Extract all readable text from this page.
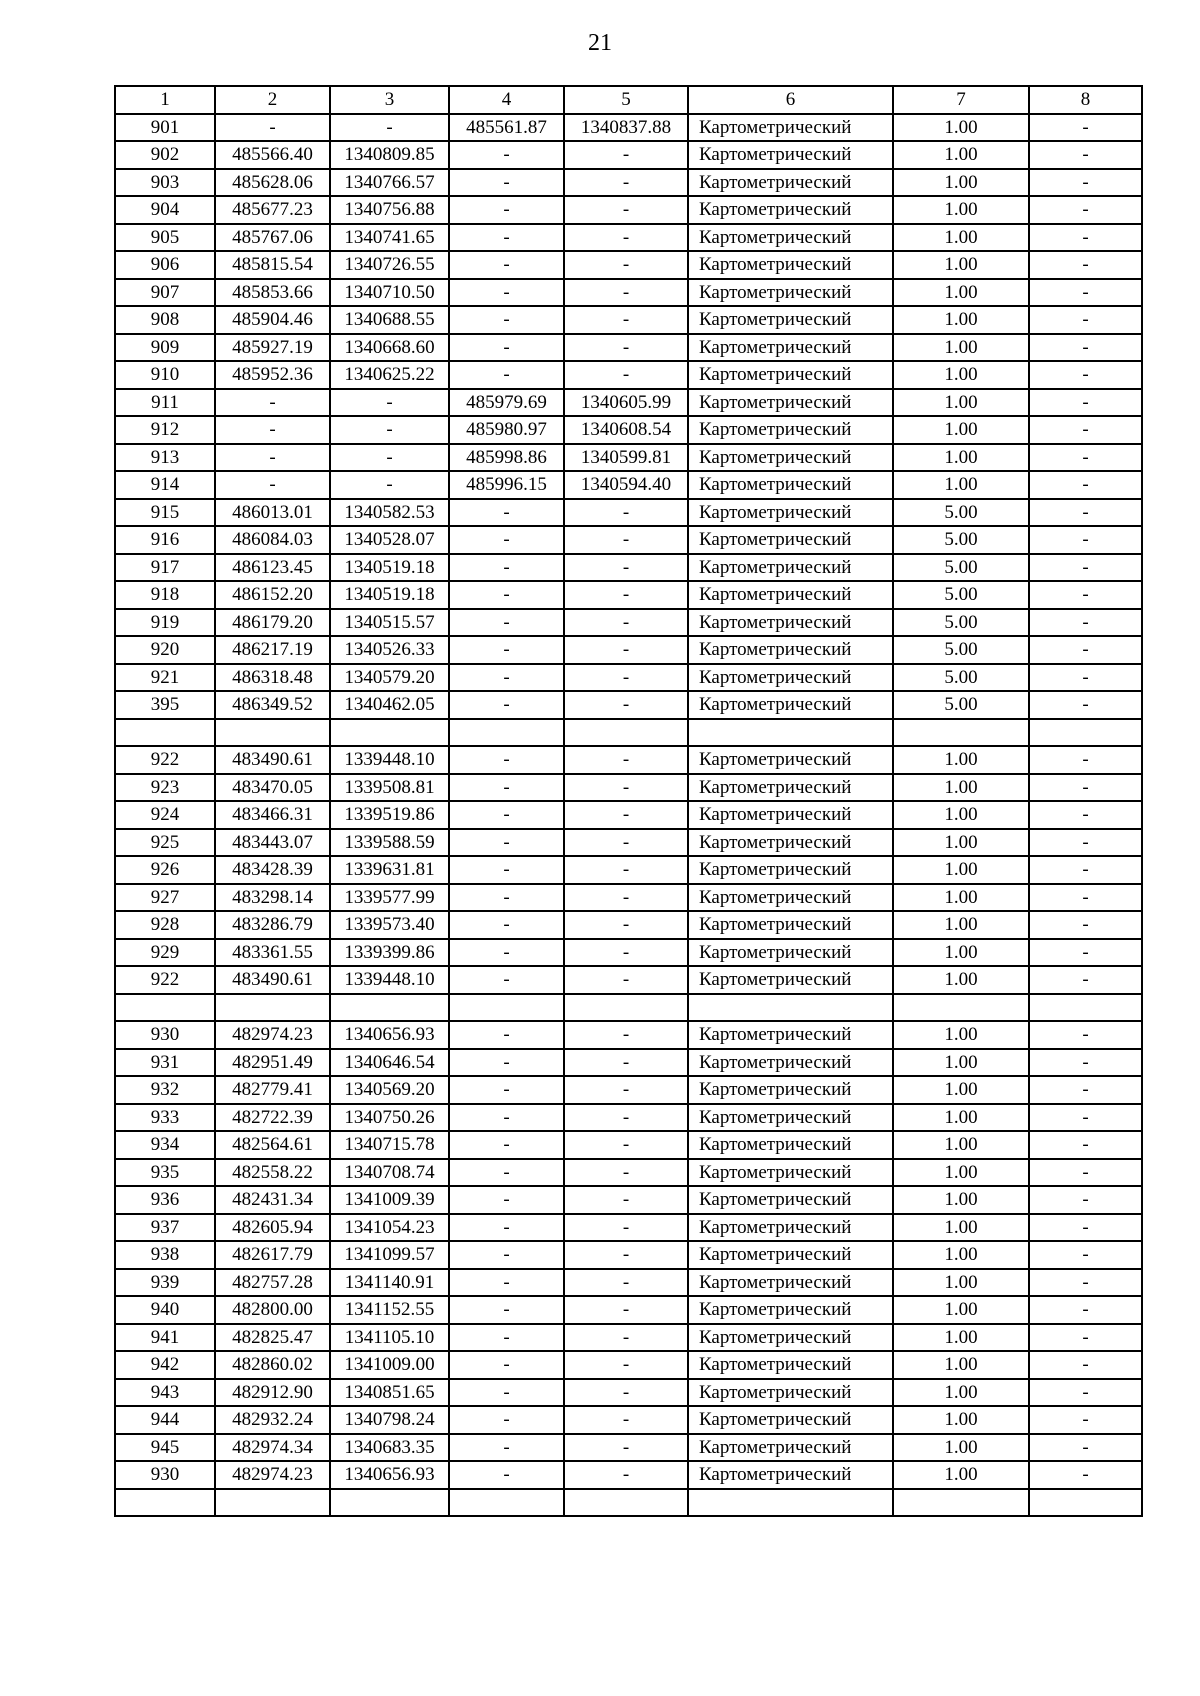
21
1	2	3	4	5	6	7	8
901	-	-	485561.87	1340837.88	Картометрический	1.00	-
902	485566.40	1340809.85	-	-	Картометрический	1.00	-
903	485628.06	1340766.57	-	-	Картометрический	1.00	-
904	485677.23	1340756.88	-	-	Картометрический	1.00	-
905	485767.06	1340741.65	-	-	Картометрический	1.00	-
906	485815.54	1340726.55	-	-	Картометрический	1.00	-
907	485853.66	1340710.50	-	-	Картометрический	1.00	-
908	485904.46	1340688.55	-	-	Картометрический	1.00	-
909	485927.19	1340668.60	-	-	Картометрический	1.00	-
910	485952.36	1340625.22	-	-	Картометрический	1.00	-
911	-	-	485979.69	1340605.99	Картометрический	1.00	-
912	-	-	485980.97	1340608.54	Картометрический	1.00	-
913	-	-	485998.86	1340599.81	Картометрический	1.00	-
914	-	-	485996.15	1340594.40	Картометрический	1.00	-
915	486013.01	1340582.53	-	-	Картометрический	5.00	-
916	486084.03	1340528.07	-	-	Картометрический	5.00	-
917	486123.45	1340519.18	-	-	Картометрический	5.00	-
918	486152.20	1340519.18	-	-	Картометрический	5.00	-
919	486179.20	1340515.57	-	-	Картометрический	5.00	-
920	486217.19	1340526.33	-	-	Картометрический	5.00	-
921	486318.48	1340579.20	-	-	Картометрический	5.00	-
395	486349.52	1340462.05	-	-	Картометрический	5.00	-

922	483490.61	1339448.10	-	-	Картометрический	1.00	-
923	483470.05	1339508.81	-	-	Картометрический	1.00	-
924	483466.31	1339519.86	-	-	Картометрический	1.00	-
925	483443.07	1339588.59	-	-	Картометрический	1.00	-
926	483428.39	1339631.81	-	-	Картометрический	1.00	-
927	483298.14	1339577.99	-	-	Картометрический	1.00	-
928	483286.79	1339573.40	-	-	Картометрический	1.00	-
929	483361.55	1339399.86	-	-	Картометрический	1.00	-
922	483490.61	1339448.10	-	-	Картометрический	1.00	-

930	482974.23	1340656.93	-	-	Картометрический	1.00	-
931	482951.49	1340646.54	-	-	Картометрический	1.00	-
932	482779.41	1340569.20	-	-	Картометрический	1.00	-
933	482722.39	1340750.26	-	-	Картометрический	1.00	-
934	482564.61	1340715.78	-	-	Картометрический	1.00	-
935	482558.22	1340708.74	-	-	Картометрический	1.00	-
936	482431.34	1341009.39	-	-	Картометрический	1.00	-
937	482605.94	1341054.23	-	-	Картометрический	1.00	-
938	482617.79	1341099.57	-	-	Картометрический	1.00	-
939	482757.28	1341140.91	-	-	Картометрический	1.00	-
940	482800.00	1341152.55	-	-	Картометрический	1.00	-
941	482825.47	1341105.10	-	-	Картометрический	1.00	-
942	482860.02	1341009.00	-	-	Картометрический	1.00	-
943	482912.90	1340851.65	-	-	Картометрический	1.00	-
944	482932.24	1340798.24	-	-	Картометрический	1.00	-
945	482974.34	1340683.35	-	-	Картометрический	1.00	-
930	482974.23	1340656.93	-	-	Картометрический	1.00	-
